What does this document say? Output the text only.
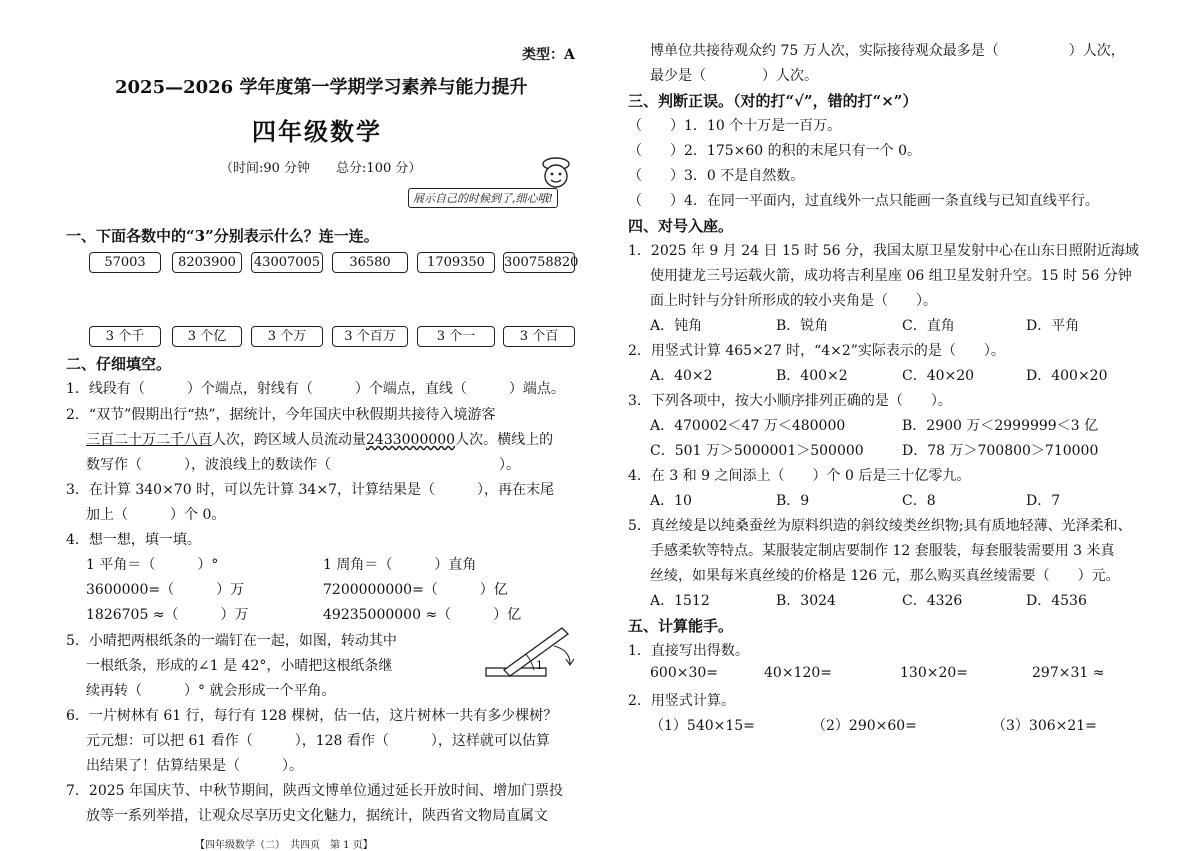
类型：A
2025—2026 学年度第一学期学习素养与能力提升
四年级数学
（时间:90 分钟　　总分:100 分）
展示自己的时候到了,细心哦!
一、下面各数中的“3”分别表示什么？连一连。
57003	8203900	43007005	36580	1709350	300758820
3 个千	3 个亿	3 个万	3 个百万	3 个一	3 个百
二、仔细填空。
1．线段有（　　　）个端点，射线有（　　　）个端点，直线（　　　）端点。
2．“双节”假期出行“热”，据统计，今年国庆中秋假期共接待入境游客
三百二十万二千八百人次，跨区域人员流动量2433000000人次。横线上的
数写作（　　　），波浪线上的数读作（　　　　　　　　　　　　）。
3．在计算 340×70 时，可以先计算 34×7，计算结果是（　　　），再在末尾
加上（　　　）个 0。
4．想一想，填一填。
1 平角＝（　　　）°	1 周角＝（　　　）直角
3600000=（　　　）万	7200000000=（　　　）亿
1826705 ≈（　　　）万	49235000000 ≈（　　　）亿
5．小晴把两根纸条的一端钉在一起，如图，转动其中
一根纸条，形成的∠1 是 42°，小晴把这根纸条继
续再转（　　　）° 就会形成一个平角。
1
6．一片树林有 61 行，每行有 128 棵树，估一估，这片树林一共有多少棵树？
元元想：可以把 61 看作（　　　），128 看作（　　　），这样就可以估算
出结果了！估算结果是（　　　）。
7．2025 年国庆节、中秋节期间，陕西文博单位通过延长开放时间、增加门票投
放等一系列举措，让观众尽享历史文化魅力，据统计，陕西省文物局直属文
【四年级数学（二）　共四页　第 1 页】
博单位共接待观众约 75 万人次，实际接待观众最多是（　　　　　）人次，
最少是（　　　　）人次。
三、判断正误。（对的打“√”，错的打“×”）
（　　）1．10 个十万是一百万。
（　　）2．175×60 的积的末尾只有一个 0。
（　　）3．0 不是自然数。
（　　）4．在同一平面内，过直线外一点只能画一条直线与已知直线平行。
四、对号入座。
1．2025 年 9 月 24 日 15 时 56 分，我国太原卫星发射中心在山东日照附近海域
使用捷龙三号运载火箭，成功将吉利星座 06 组卫星发射升空。15 时 56 分钟
面上时针与分针所形成的较小夹角是（　　）。
A．钝角	B．锐角	C．直角	D．平角
2．用竖式计算 465×27 时，“4×2”实际表示的是（　　）。
A．40×2	B．400×2	C．40×20	D．400×20
3．下列各项中，按大小顺序排列正确的是（　　）。
A．470002＜47 万＜480000	B．2900 万＜2999999＜3 亿
C．501 万＞5000001＞500000	D．78 万＞700800＞710000
4．在 3 和 9 之间添上（　　）个 0 后是三十亿零九。
A．10	B．9	C．8	D．7
5．真丝绫是以纯桑蚕丝为原料织造的斜纹绫类丝织物;具有质地轻薄、光泽柔和、
手感柔软等特点。某服装定制店要制作 12 套服装，每套服装需要用 3 米真
丝绫，如果每米真丝绫的价格是 126 元，那么购买真丝绫需要（　　）元。
A．1512	B．3024	C．4326	D．4536
五、计算能手。
1．直接写出得数。
600×30=	40×120=	130×20=	297×31 ≈
2．用竖式计算。
（1）540×15=	（2）290×60=	（3）306×21=
